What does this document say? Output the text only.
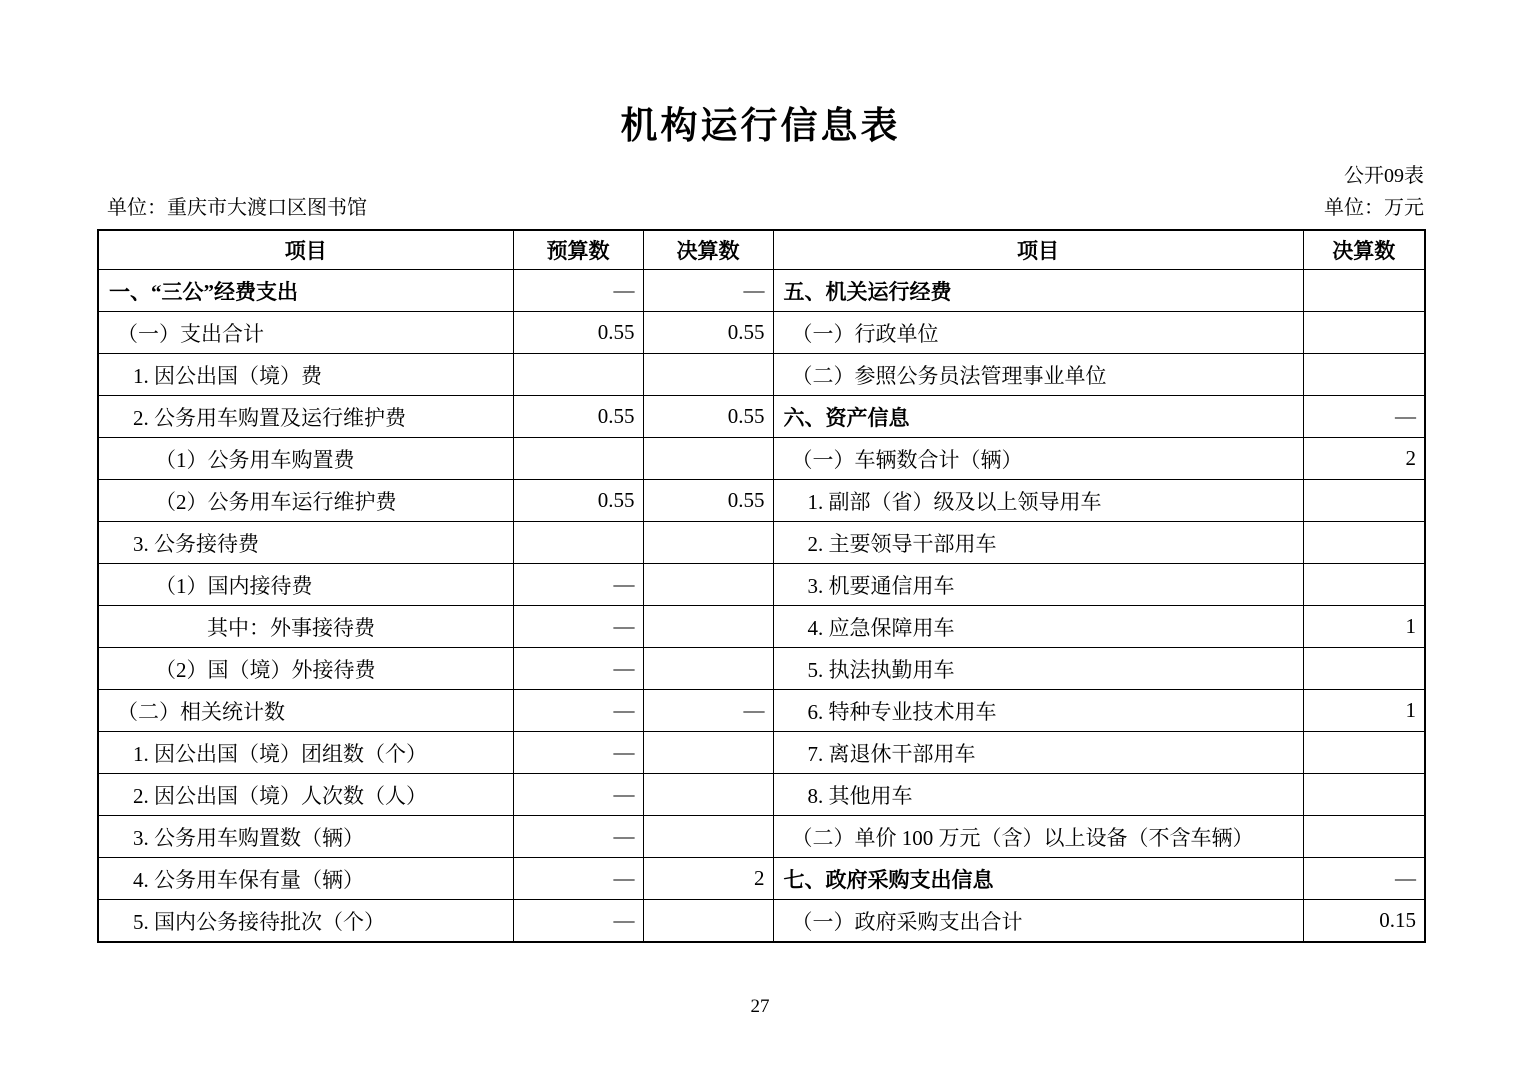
机构运行信息表
公开09表
单位：重庆市大渡口区图书馆	单位：万元
项目	预算数	决算数	项目	决算数
一、“三公”经费支出	—	—	五、机关运行经费	
（一）支出合计	0.55	0.55	（一）行政单位	
1. 因公出国（境）费			（二）参照公务员法管理事业单位	
2. 公务用车购置及运行维护费	0.55	0.55	六、资产信息	—
（1）公务用车购置费			（一）车辆数合计（辆）	2
（2）公务用车运行维护费	0.55	0.55	1. 副部（省）级及以上领导用车	
3. 公务接待费			2. 主要领导干部用车	
（1）国内接待费	—		3. 机要通信用车	
其中：外事接待费	—		4. 应急保障用车	1
（2）国（境）外接待费	—		5. 执法执勤用车	
（二）相关统计数	—	—	6. 特种专业技术用车	1
1. 因公出国（境）团组数（个）	—		7. 离退休干部用车	
2. 因公出国（境）人次数（人）	—		8. 其他用车	
3. 公务用车购置数（辆）	—		（二）单价 100 万元（含）以上设备（不含车辆）	
4. 公务用车保有量（辆）	—	2	七、政府采购支出信息	—
5. 国内公务接待批次（个）	—		（一）政府采购支出合计	0.15
27
